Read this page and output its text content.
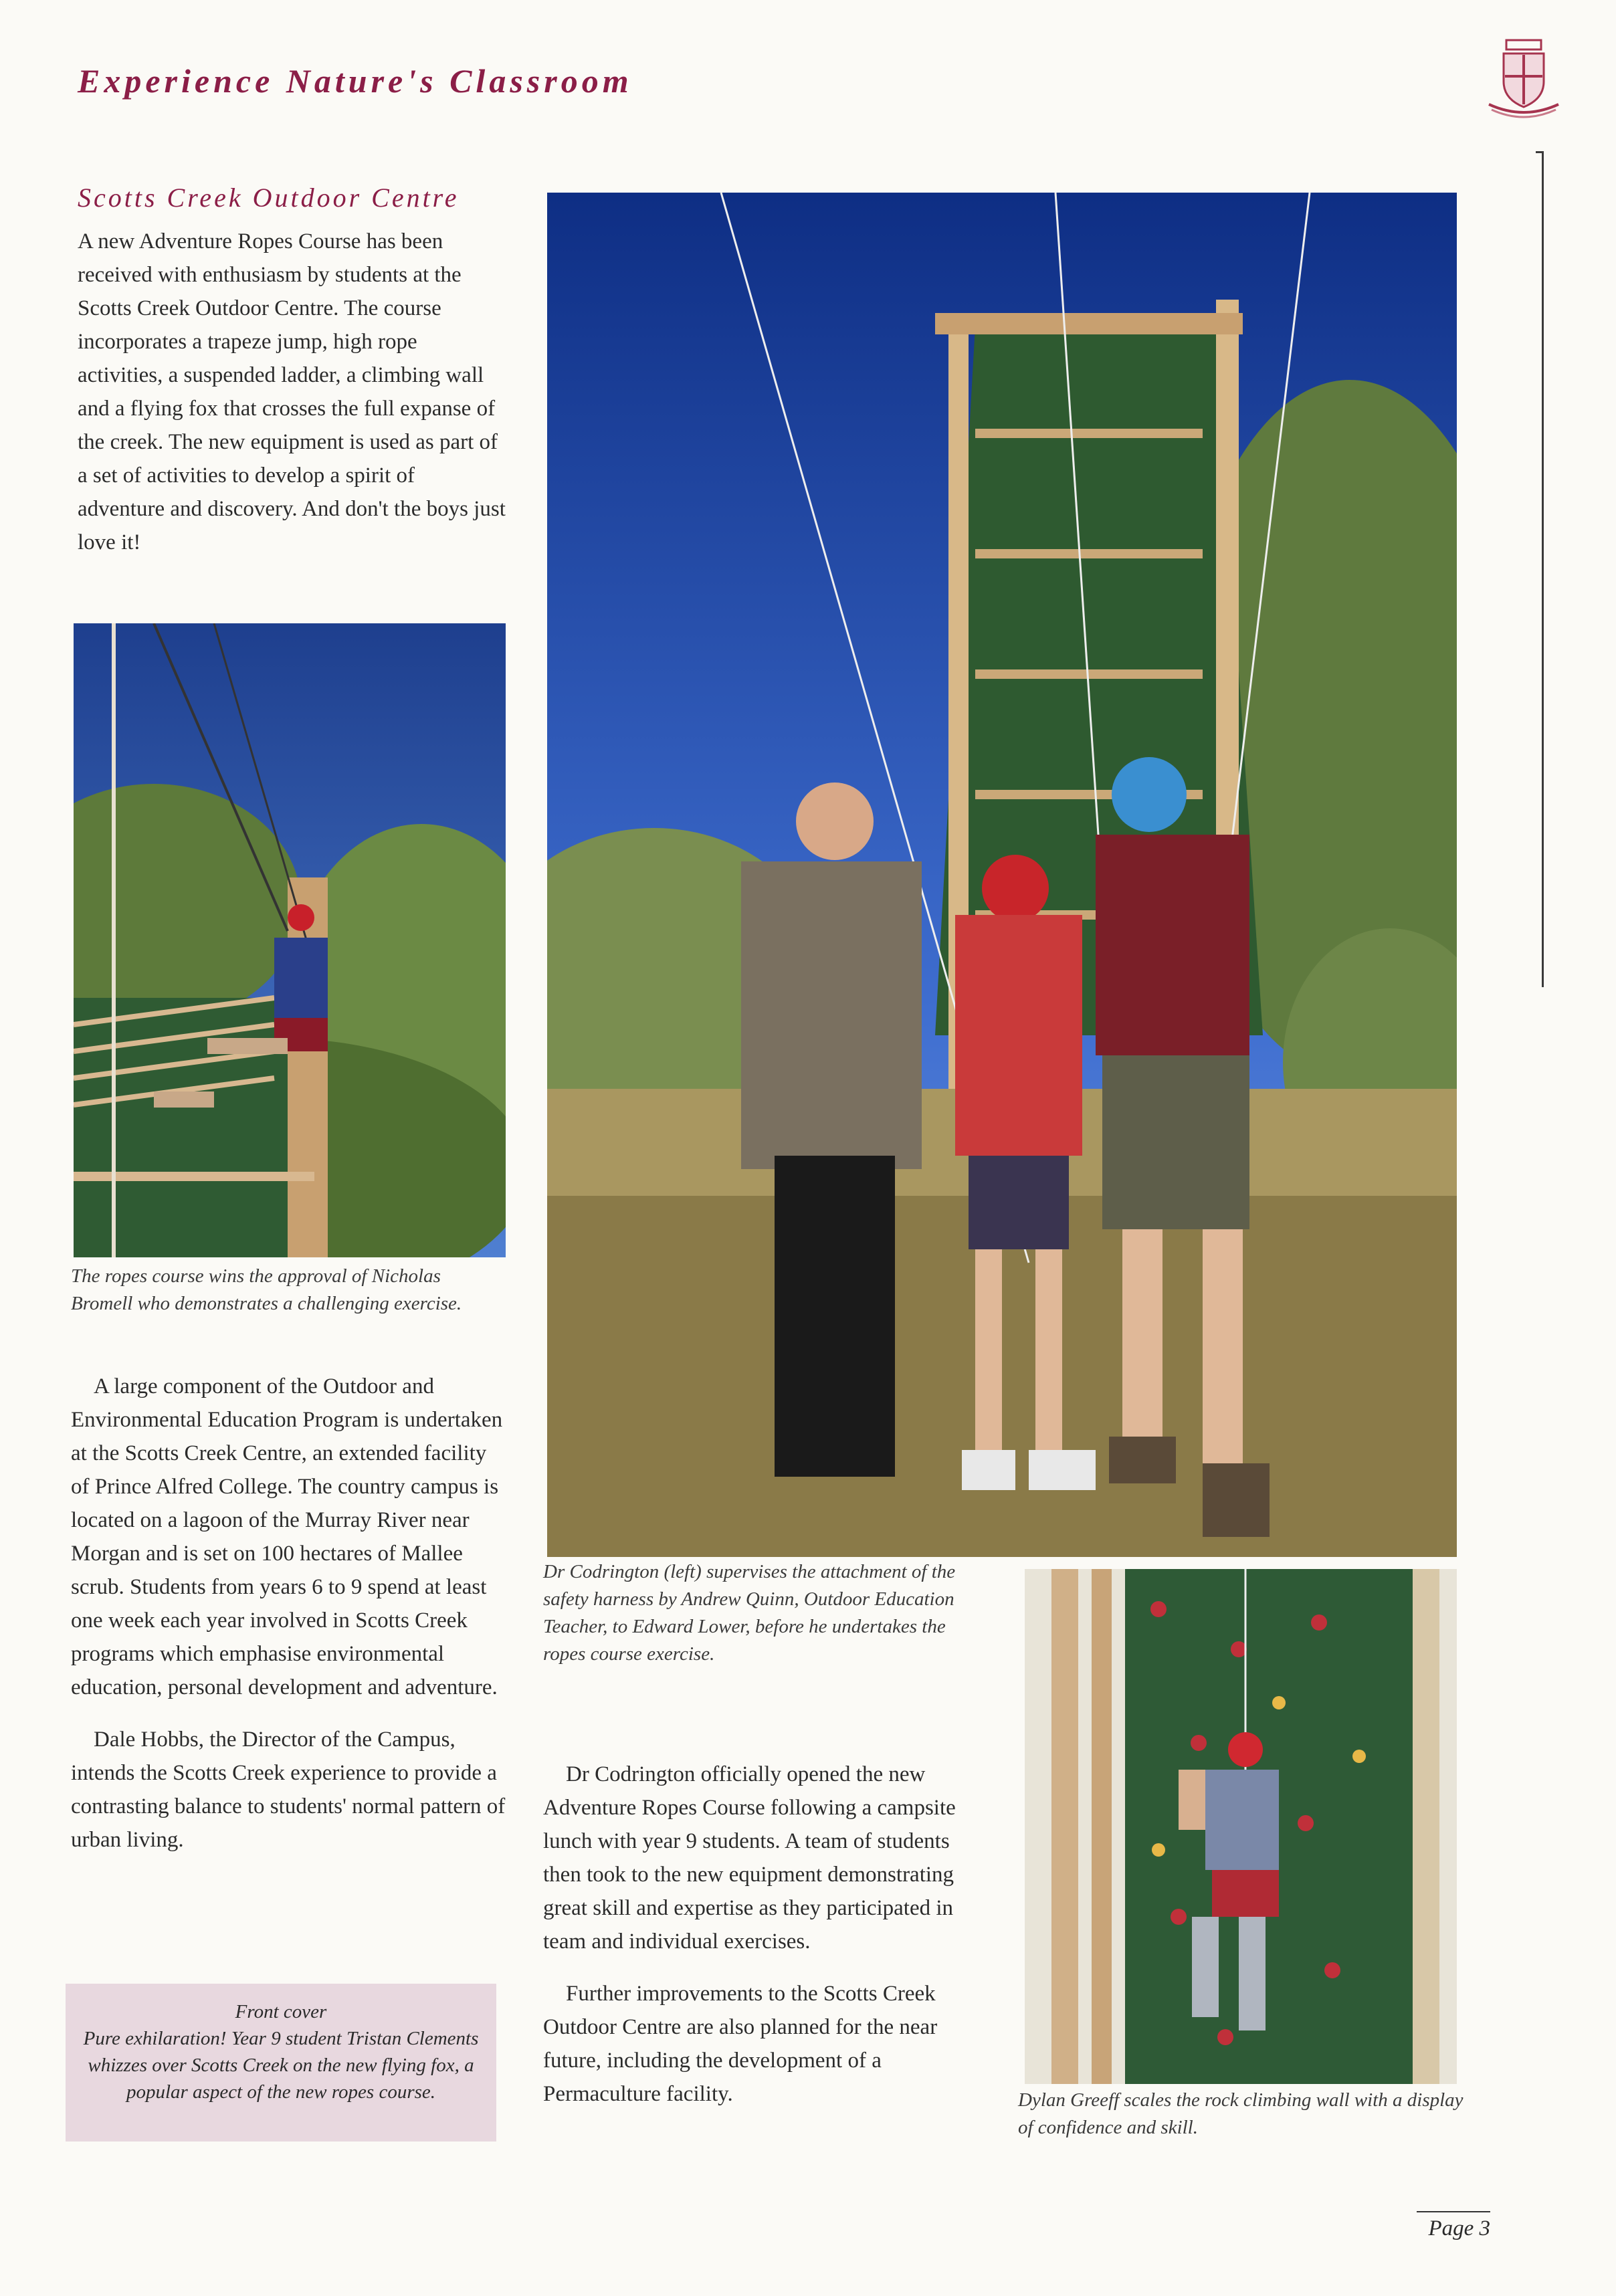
Experience Nature's Classroom
Scotts Creek Outdoor Centre
A new Adventure Ropes Course has been received with enthusiasm by students at the Scotts Creek Outdoor Centre. The course incorporates a trapeze jump, high rope activities, a suspended ladder, a climbing wall and a flying fox that crosses the full expanse of the creek. The new equipment is used as part of a set of activities to develop a spirit of adventure and discovery. And don't the boys just love it!
The ropes course wins the approval of Nicholas Bromell who demonstrates a challenging exercise.
Dr Codrington (left) supervises the attachment of the safety harness by Andrew Quinn, Outdoor Education Teacher, to Edward Lower, before he undertakes the ropes course exercise.

A large component of the Outdoor and Environmental Education Program is undertaken at the Scotts Creek Centre, an extended facility of Prince Alfred College. The country campus is located on a lagoon of the Murray River near Morgan and is set on 100 hectares of Mallee scrub. Students from years 6 to 9 spend at least one week each year involved in Scotts Creek programs which emphasise environmental education, personal development and adventure.

Dale Hobbs, the Director of the Campus, intends the Scotts Creek experience to provide a contrasting balance to students' normal pattern of urban living.

Front cover
Pure exhilaration! Year 9 student Tristan Clements whizzes over Scotts Creek on the new flying fox, a popular aspect of the new ropes course.

Dr Codrington officially opened the new Adventure Ropes Course following a campsite lunch with year 9 students. A team of students then took to the new equipment demonstrating great skill and expertise as they participated in team and individual exercises.

Further improvements to the Scotts Creek Outdoor Centre are also planned for the near future, including the development of a Permaculture facility.	Dylan Greeff scales the rock climbing wall with a display of confidence and skill.
Page 3
